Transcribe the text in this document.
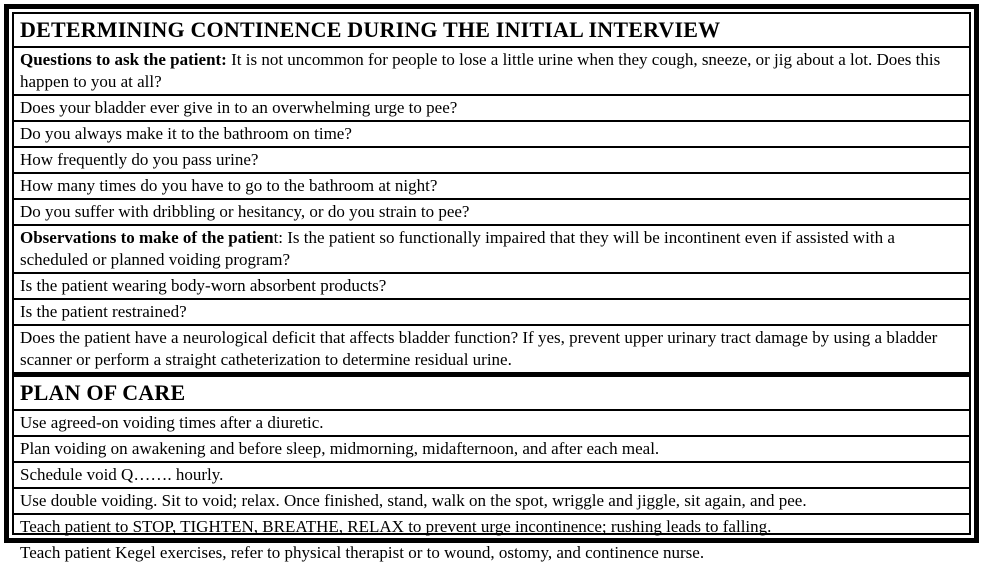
DETERMINING CONTINENCE DURING THE INITIAL INTERVIEW
Questions to ask the patient: It is not uncommon for people to lose a little urine when they cough, sneeze, or jig about a lot. Does this happen to you at all?
Does your bladder ever give in to an overwhelming urge to pee?
Do you always make it to the bathroom on time?
How frequently do you pass urine?
How many times do you have to go to the bathroom at night?
Do you suffer with dribbling or hesitancy, or do you strain to pee?
Observations to make of the patient: Is the patient so functionally impaired that they will be incontinent even if assisted with a scheduled or planned voiding program?
Is the patient wearing body-worn absorbent products?
Is the patient restrained?
Does the patient have a neurological deficit that affects bladder function? If yes, prevent upper urinary tract damage by using a bladder scanner or perform a straight catheterization to determine residual urine.
PLAN OF CARE
Use agreed-on voiding times after a diuretic.
Plan voiding on awakening and before sleep, midmorning, midafternoon, and after each meal.
Schedule void Q……. hourly.
Use double voiding. Sit to void; relax. Once finished, stand, walk on the spot, wriggle and jiggle, sit again, and pee.
Teach patient to STOP, TIGHTEN, BREATHE, RELAX to prevent urge incontinence; rushing leads to falling.
Teach patient Kegel exercises, refer to physical therapist or to wound, ostomy, and continence nurse.
